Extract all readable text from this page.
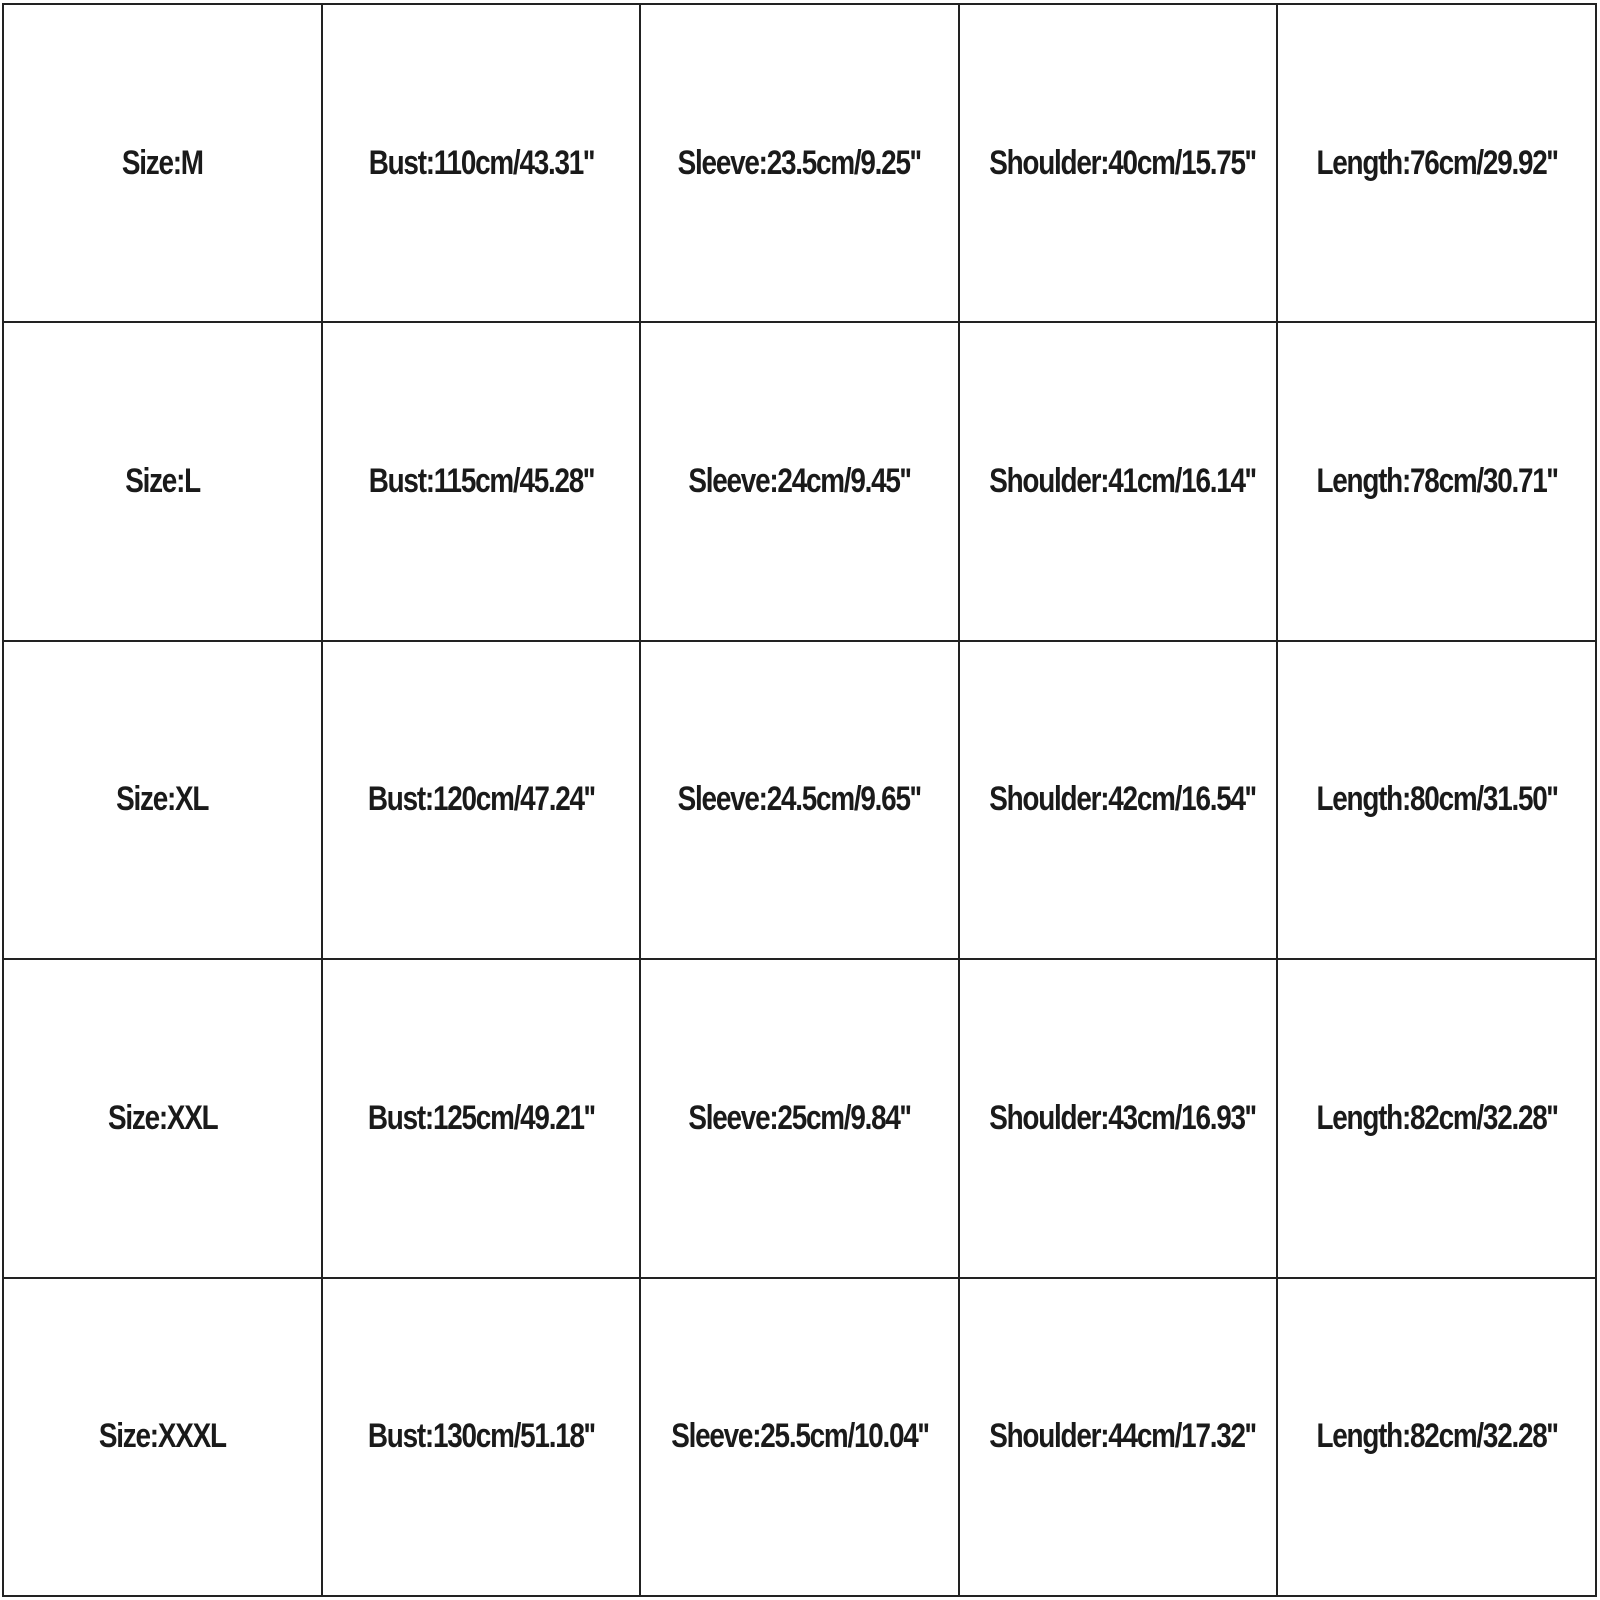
Size:M	Bust:110cm/43.31''	Sleeve:23.5cm/9.25''	Shoulder:40cm/15.75''	Length:76cm/29.92''
Size:L	Bust:115cm/45.28''	Sleeve:24cm/9.45''	Shoulder:41cm/16.14''	Length:78cm/30.71''
Size:XL	Bust:120cm/47.24''	Sleeve:24.5cm/9.65''	Shoulder:42cm/16.54''	Length:80cm/31.50''
Size:XXL	Bust:125cm/49.21''	Sleeve:25cm/9.84''	Shoulder:43cm/16.93''	Length:82cm/32.28''
Size:XXXL	Bust:130cm/51.18''	Sleeve:25.5cm/10.04''	Shoulder:44cm/17.32''	Length:82cm/32.28''
